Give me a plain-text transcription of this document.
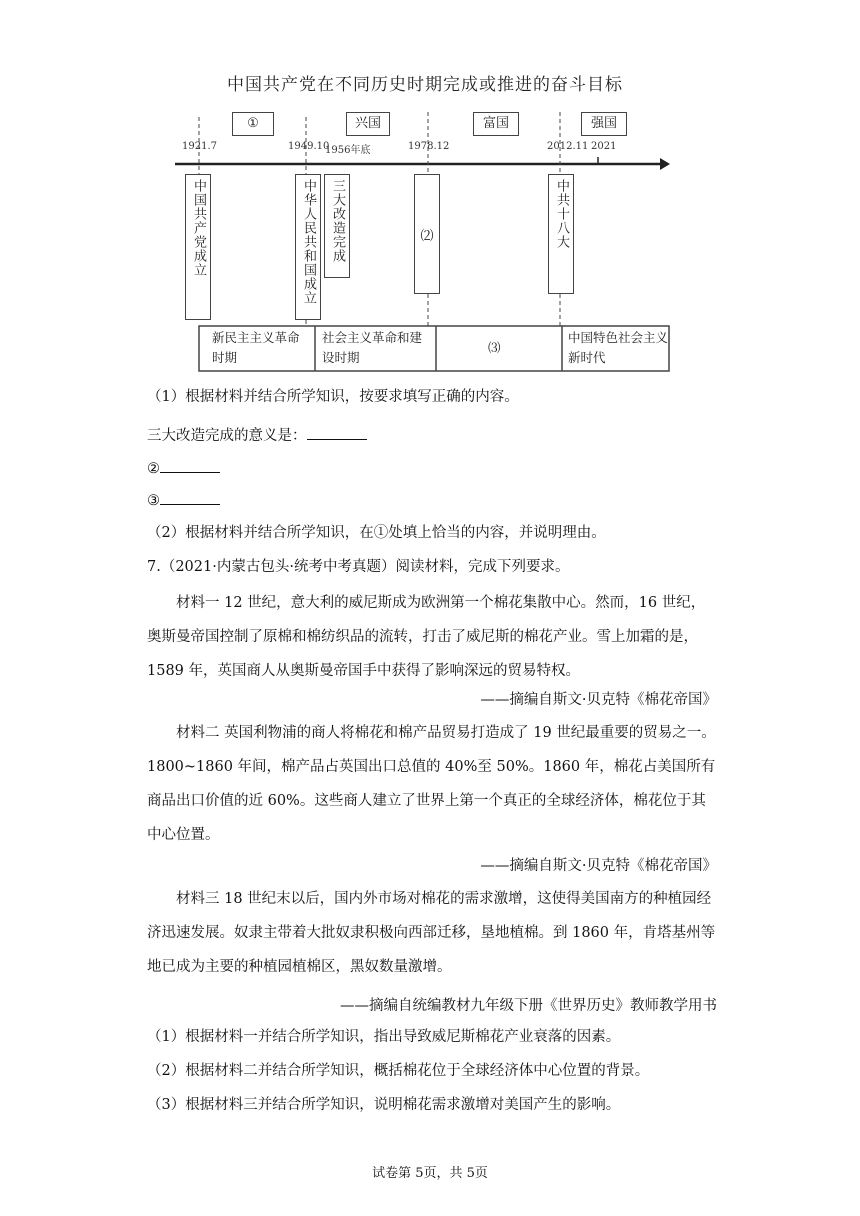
中国共产党在不同历史时期完成或推进的奋斗目标
①	兴国	富国	强国
1921.7	1949.10
1956年底	1978.12	2012.11 2021
中国共产党成立	中华人民共和国成立 三大改造完成	⑵	中共十八大
新民主主义革命时期
社会主义革命和建设时期
⑶
中国特色社会主义新时代
（1）根据材料并结合所学知识，按要求填写正确的内容。
三大改造完成的意义是：
②
③
（2）根据材料并结合所学知识，在①处填上恰当的内容，并说明理由。
7.（2021·内蒙古包头·统考中考真题）阅读材料，完成下列要求。
材料一 12 世纪，意大利的威尼斯成为欧洲第一个棉花集散中心。然而，16 世纪，奥斯曼帝国控制了原棉和棉纺织品的流转，打击了威尼斯的棉花产业。雪上加霜的是，1589 年，英国商人从奥斯曼帝国手中获得了影响深远的贸易特权。
——摘编自斯文·贝克特《棉花帝国》
材料二 英国利物浦的商人将棉花和棉产品贸易打造成了 19 世纪最重要的贸易之一。1800~1860 年间，棉产品占英国出口总值的 40%至 50%。1860 年，棉花占美国所有商品出口价值的近 60%。这些商人建立了世界上第一个真正的全球经济体，棉花位于其中心位置。
——摘编自斯文·贝克特《棉花帝国》
材料三 18 世纪末以后，国内外市场对棉花的需求激增，这使得美国南方的种植园经济迅速发展。奴隶主带着大批奴隶积极向西部迁移，垦地植棉。到 1860 年，肯塔基州等地已成为主要的种植园植棉区，黑奴数量激增。
——摘编自统编教材九年级下册《世界历史》教师教学用书
（1）根据材料一并结合所学知识，指出导致威尼斯棉花产业衰落的因素。
（2）根据材料二并结合所学知识，概括棉花位于全球经济体中心位置的背景。
（3）根据材料三并结合所学知识，说明棉花需求激增对美国产生的影响。
试卷第 5页，共 5页
